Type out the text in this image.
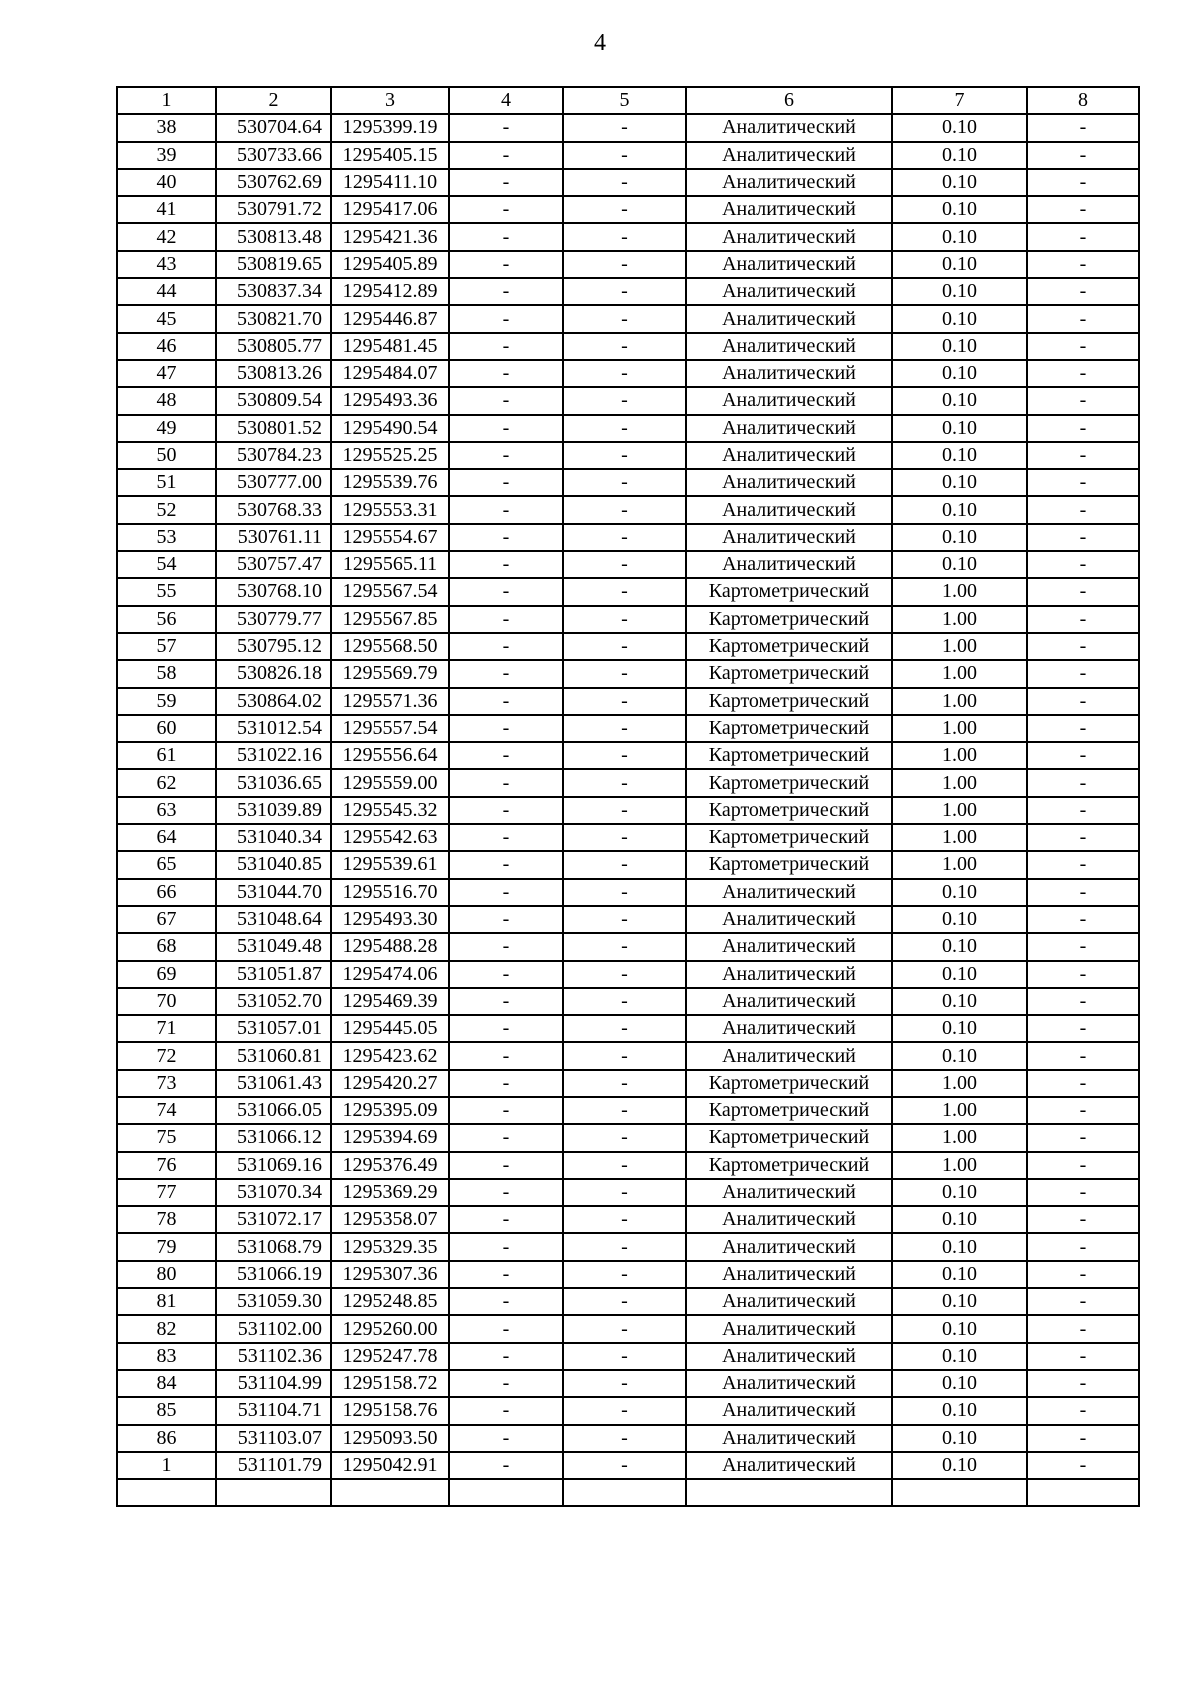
4
1	2	3	4	5	6	7	8
38	530704.64	1295399.19	-	-	Аналитический	0.10	-
39	530733.66	1295405.15	-	-	Аналитический	0.10	-
40	530762.69	1295411.10	-	-	Аналитический	0.10	-
41	530791.72	1295417.06	-	-	Аналитический	0.10	-
42	530813.48	1295421.36	-	-	Аналитический	0.10	-
43	530819.65	1295405.89	-	-	Аналитический	0.10	-
44	530837.34	1295412.89	-	-	Аналитический	0.10	-
45	530821.70	1295446.87	-	-	Аналитический	0.10	-
46	530805.77	1295481.45	-	-	Аналитический	0.10	-
47	530813.26	1295484.07	-	-	Аналитический	0.10	-
48	530809.54	1295493.36	-	-	Аналитический	0.10	-
49	530801.52	1295490.54	-	-	Аналитический	0.10	-
50	530784.23	1295525.25	-	-	Аналитический	0.10	-
51	530777.00	1295539.76	-	-	Аналитический	0.10	-
52	530768.33	1295553.31	-	-	Аналитический	0.10	-
53	530761.11	1295554.67	-	-	Аналитический	0.10	-
54	530757.47	1295565.11	-	-	Аналитический	0.10	-
55	530768.10	1295567.54	-	-	Картометрический	1.00	-
56	530779.77	1295567.85	-	-	Картометрический	1.00	-
57	530795.12	1295568.50	-	-	Картометрический	1.00	-
58	530826.18	1295569.79	-	-	Картометрический	1.00	-
59	530864.02	1295571.36	-	-	Картометрический	1.00	-
60	531012.54	1295557.54	-	-	Картометрический	1.00	-
61	531022.16	1295556.64	-	-	Картометрический	1.00	-
62	531036.65	1295559.00	-	-	Картометрический	1.00	-
63	531039.89	1295545.32	-	-	Картометрический	1.00	-
64	531040.34	1295542.63	-	-	Картометрический	1.00	-
65	531040.85	1295539.61	-	-	Картометрический	1.00	-
66	531044.70	1295516.70	-	-	Аналитический	0.10	-
67	531048.64	1295493.30	-	-	Аналитический	0.10	-
68	531049.48	1295488.28	-	-	Аналитический	0.10	-
69	531051.87	1295474.06	-	-	Аналитический	0.10	-
70	531052.70	1295469.39	-	-	Аналитический	0.10	-
71	531057.01	1295445.05	-	-	Аналитический	0.10	-
72	531060.81	1295423.62	-	-	Аналитический	0.10	-
73	531061.43	1295420.27	-	-	Картометрический	1.00	-
74	531066.05	1295395.09	-	-	Картометрический	1.00	-
75	531066.12	1295394.69	-	-	Картометрический	1.00	-
76	531069.16	1295376.49	-	-	Картометрический	1.00	-
77	531070.34	1295369.29	-	-	Аналитический	0.10	-
78	531072.17	1295358.07	-	-	Аналитический	0.10	-
79	531068.79	1295329.35	-	-	Аналитический	0.10	-
80	531066.19	1295307.36	-	-	Аналитический	0.10	-
81	531059.30	1295248.85	-	-	Аналитический	0.10	-
82	531102.00	1295260.00	-	-	Аналитический	0.10	-
83	531102.36	1295247.78	-	-	Аналитический	0.10	-
84	531104.99	1295158.72	-	-	Аналитический	0.10	-
85	531104.71	1295158.76	-	-	Аналитический	0.10	-
86	531103.07	1295093.50	-	-	Аналитический	0.10	-
1	531101.79	1295042.91	-	-	Аналитический	0.10	-
